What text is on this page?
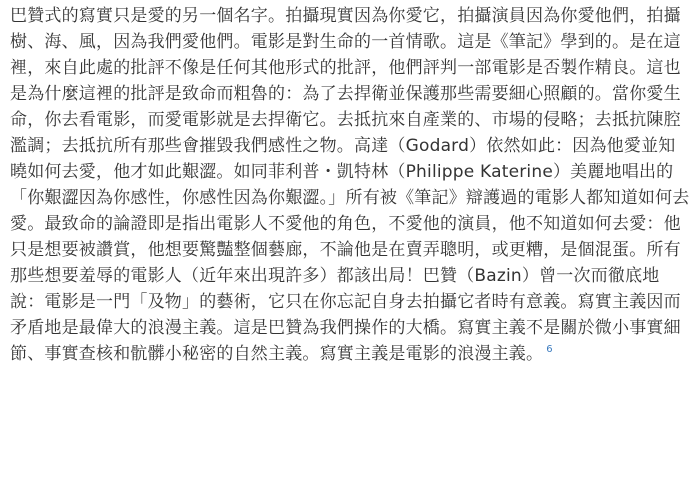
巴贊式的寫實只是愛的另一個名字。拍攝現實因為你愛它，拍攝演員因為你愛他們，拍攝樹、海、風，因為我們愛他們。電影是對生命的一首情歌。這是《筆記》學到的。是在這裡，來自此處的批評不像是任何其他形式的批評，他們評判一部電影是否製作精良。這也是為什麼這裡的批評是致命而粗魯的：為了去捍衛並保護那些需要細心照顧的。當你愛生命，你去看電影，而愛電影就是去捍衛它。去抵抗來自產業的、市場的侵略；去抵抗陳腔濫調；去抵抗所有那些會摧毀我們感性之物。高達（Godard）依然如此：因為他愛並知曉如何去愛，他才如此艱澀。如同菲利普・凱特林（Philippe Katerine）美麗地唱出的「你艱澀因為你感性，你感性因為你艱澀。」所有被《筆記》辯護過的電影人都知道如何去愛。最致命的論證即是指出電影人不愛他的角色，不愛他的演員，他不知道如何去愛：他只是想要被讚賞，他想要驚豔整個藝廊，不論他是在賣弄聰明，或更糟，是個混蛋。所有那些想要羞辱的電影人（近年來出現許多）都該出局！巴贊（Bazin）曾一次而徹底地說：電影是一門「及物」的藝術，它只在你忘記自身去拍攝它者時有意義。寫實主義因而矛盾地是最偉大的浪漫主義。這是巴贊為我們操作的大橋。寫實主義不是關於微小事實細節、事實查核和骯髒小秘密的自然主義。寫實主義是電影的浪漫主義。 $^6$
